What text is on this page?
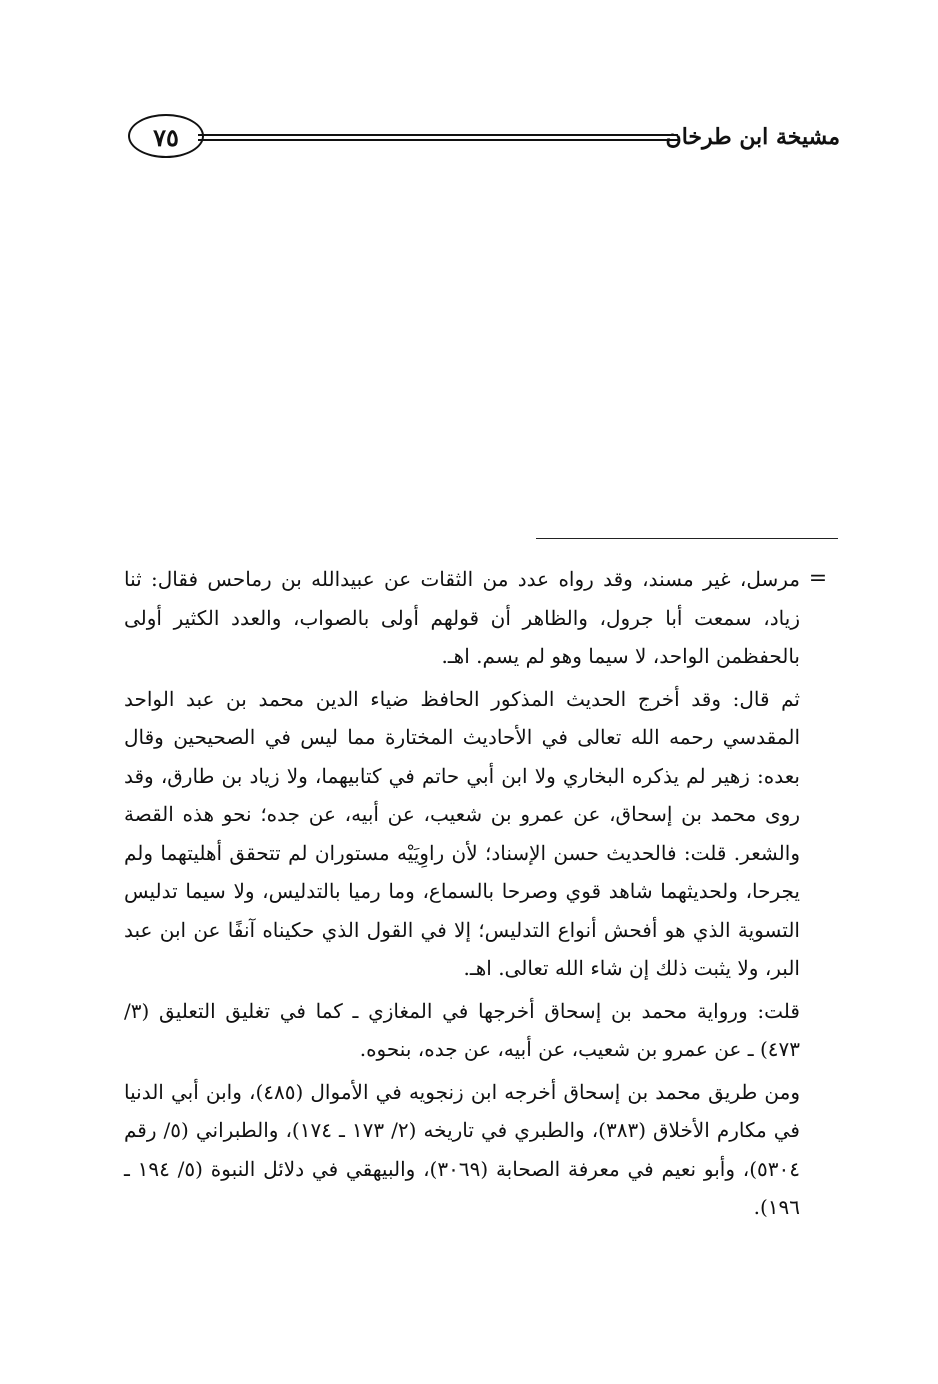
مشيخة ابن طرخان
٧٥
=

مرسل، غير مسند، وقد رواه عدد من الثقات عن عبيدالله بن رماحس فقال: ثنا زياد، سمعت أبا جرول، والظاهر أن قولهم أولى بالصواب، والعدد الكثير أولى بالحفظمن الواحد، لا سيما وهو لم يسم. اهـ.

ثم قال: وقد أخرج الحديث المذكور الحافظ ضياء الدين محمد بن عبد الواحد المقدسي رحمه الله تعالى في الأحاديث المختارة مما ليس في الصحيحين وقال بعده: زهير لم يذكره البخاري ولا ابن أبي حاتم في كتابيهما، ولا زياد بن طارق، وقد روى محمد بن إسحاق، عن عمرو بن شعيب، عن أبيه، عن جده؛ نحو هذه القصة والشعر. قلت: فالحديث حسن الإسناد؛ لأن راوِيَيْه مستوران لم تتحقق أهليتهما ولم يجرحا، ولحديثهما شاهد قوي وصرحا بالسماع، وما رميا بالتدليس، ولا سيما تدليس التسوية الذي هو أفحش أنواع التدليس؛ إلا في القول الذي حكيناه آنفًا عن ابن عبد البر، ولا يثبت ذلك إن شاء الله تعالى. اهـ.

قلت: ورواية محمد بن إسحاق أخرجها في المغازي ـ كما في تغليق التعليق (٣/ ٤٧٣) ـ عن عمرو بن شعيب، عن أبيه، عن جده، بنحوه.

ومن طريق محمد بن إسحاق أخرجه ابن زنجويه في الأموال (٤٨٥)، وابن أبي الدنيا في مكارم الأخلاق (٣٨٣)، والطبري في تاريخه (٢/ ١٧٣ ـ ١٧٤)، والطبراني (٥/ رقم ٥٣٠٤)، وأبو نعيم في معرفة الصحابة (٣٠٦٩)، والبيهقي في دلائل النبوة (٥/ ١٩٤ ـ ١٩٦).
